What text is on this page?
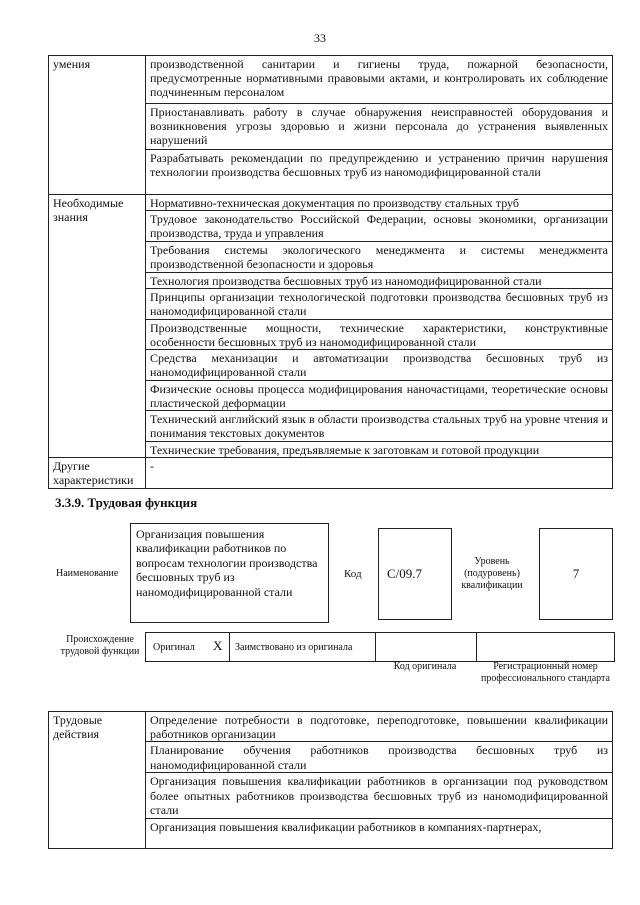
33
умения	производственной санитарии и гигиены труда, пожарной безопасности, предусмотренные нормативными правовыми актами, и контролировать их соблюдение подчиненным персоналом
	Приостанавливать работу в случае обнаружения неисправностей оборудования и возникновения угрозы здоровью и жизни персонала до устранения выявленных нарушений
	Разрабатывать рекомендации по предупреждению и устранению причин нарушения технологии производства бесшовных труб из наномодифицированной стали
Необходимые знания	Нормативно-техническая документация по производству стальных труб
	Трудовое законодательство Российской Федерации, основы экономики, организации производства, труда и управления
	Требования системы экологического менеджмента и системы менеджмента производственной безопасности и здоровья
	Технология производства бесшовных труб из наномодифицированной стали
	Принципы организации технологической подготовки производства бесшовных труб из наномодифицированной стали
	Производственные мощности, технические характеристики, конструктивные особенности бесшовных труб из наномодифицированной стали
	Средства механизации и автоматизации производства бесшовных труб из наномодифицированной стали
	Физические основы процесса модифицирования наночастицами, теоретические основы пластической деформации
	Технический английский язык в области производства стальных труб на уровне чтения и понимания текстовых документов
	Технические требования, предъявляемые к заготовкам и готовой продукции
Другие характеристики	-
3.3.9. Трудовая функция
Наименование
Организация повышения квалификации работников по вопросам технологии производства бесшовных труб из наномодифицированной стали
Код C/09.7
Уровень (подуровень) квалификации
7
Происхождение трудовой функции	Оригинал X Заимствовано из оригинала
Код оригинала	Регистрационный номер профессионального стандарта
Трудовые действия	Определение потребности в подготовке, переподготовке, повышении квалификации работников организации
Планирование обучения работников производства бесшовных труб из наномодифицированной стали
Организация повышения квалификации работников в организации под руководством более опытных работников производства бесшовных труб из наномодифицированной стали
Организация повышения квалификации работников в компаниях-партнерах,
